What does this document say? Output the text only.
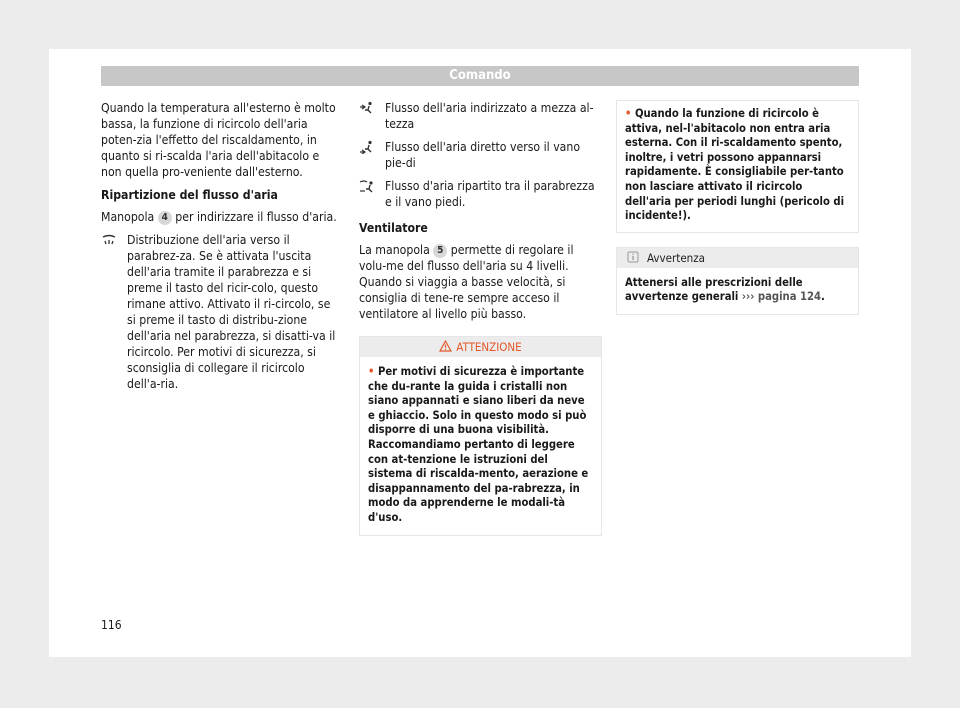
Comando

Quando la temperatura all'esterno è molto bassa, la funzione di ricircolo dell'aria poten-zia l'effetto del riscaldamento, in quanto si ri-scalda l'aria dell'abitacolo e non quella pro-veniente dall'esterno.

Ripartizione del flusso d'aria

Manopola 4 per indirizzare il flusso d'aria.

Distribuzione dell'aria verso il parabrez-za. Se è attivata l'uscita dell'aria tramite il parabrezza e si preme il tasto del ricir-colo, questo rimane attivo. Attivato il ri-circolo, se si preme il tasto di distribu-zione dell'aria nel parabrezza, si disatti-va il ricircolo. Per motivi di sicurezza, si sconsiglia di collegare il ricircolo dell'a-ria.
Flusso dell'aria indirizzato a mezza al-tezza
Flusso dell'aria diretto verso il vano pie-di
Flusso d'aria ripartito tra il parabrezza e il vano piedi.

Ventilatore

La manopola 5 permette di regolare il volu-me del flusso dell'aria su 4 livelli. Quando si viaggia a basse velocità, si consiglia di tene-re sempre acceso il ventilatore al livello più basso.

ATTENZIONE
• Per motivi di sicurezza è importante che du-rante la guida i cristalli non siano appannati e siano liberi da neve e ghiaccio. Solo in questo modo si può disporre di una buona visibilità. Raccomandiamo pertanto di leggere con at-tenzione le istruzioni del sistema di riscalda-mento, aerazione e disappannamento del pa-rabrezza, in modo da apprenderne le modali-tà d'uso.
• Quando la funzione di ricircolo è attiva, nel-l'abitacolo non entra aria esterna. Con il ri-scaldamento spento, inoltre, i vetri possono appannarsi rapidamente. È consigliabile per-tanto non lasciare attivato il ricircolo dell'aria per periodi lunghi (pericolo di incidente!).
Avvertenza
Attenersi alle prescrizioni delle avvertenze generali ››› pagina 124.
116
